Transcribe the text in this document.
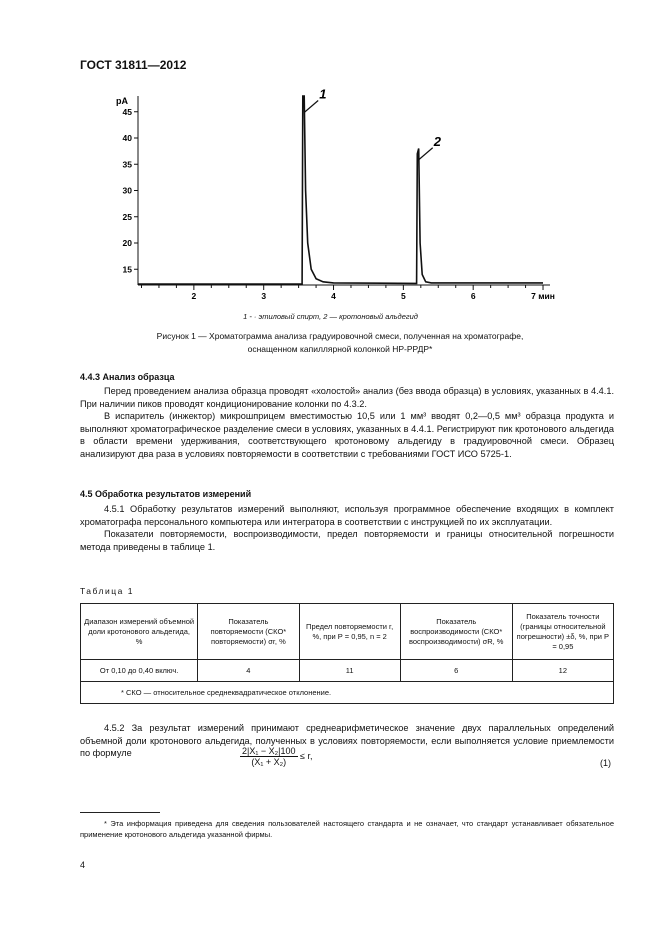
ГОСТ 31811—2012
pA
15
20
25
30
35
40
45
2	3	4	5	6	7 мин
1
2
1 - · этиловый спирт, 2 — кротоновый альдегид
Рисунок 1 — Хроматограмма анализа градуировочной смеси, полученная на хроматографе,
оснащенном капиллярной колонкой НР-РРДР*
4.4.3 Анализ образца

Перед проведением анализа образца проводят «холостой» анализ (без ввода образца) в условиях, указанных в 4.4.1. При наличии пиков проводят кондиционирование колонки по 4.3.2.

В испаритель (инжектор) микрошприцем вместимостью 10,5 или 1 мм³ вводят 0,2—0,5 мм³ образца продукта и выполняют хроматографическое разделение смеси в условиях, указанных в 4.4.1. Регистрируют пик кротонового альдегида в области времени удерживания, соответствующего кротоновому альдегиду в градуировочной смеси. Образец анализируют два раза в условиях повторяемости в соответствии с требованиями ГОСТ ИСО 5725-1.

4.5 Обработка результатов измерений

4.5.1 Обработку результатов измерений выполняют, используя программное обеспечение входящих в комплект хроматографа персонального компьютера или интегратора в соответствии с инструкцией по их эксплуатации.

Показатели повторяемости, воспроизводимости, предел повторяемости и границы относительной погрешности метода приведены в таблице 1.

Таблица 1
Диапазон измерений объемной доли кротонового альдегида, %	Показатель повторяемости (СКО* повторяемости) σr, %	Предел повторяемости r, %, при P = 0,95, n = 2	Показатель воспроизводимости (СКО* воспроизводимости) σR, %	Показатель точности (границы относительной погрешности) ±δ, %, при P = 0,95
От 0,10 до 0,40 включ.	4	11	6	12
* СКО — относительное среднеквадратическое отклонение.				

4.5.2 За результат измерений принимают среднеарифметическое значение двух параллельных определений объемной доли кротонового альдегида, полученных в условиях повторяемости, если выполняется условие приемлемости по формуле	$\frac{\text{2|X₁ − X₂|100}}{\text{(X₁ + X₂)}} \le r$,
(1)

* Эта информация приведена для сведения пользователей настоящего стандарта и не означает, что стандарт устанавливает обязательное применение кротонового альдегида указанной фирмы.

4
